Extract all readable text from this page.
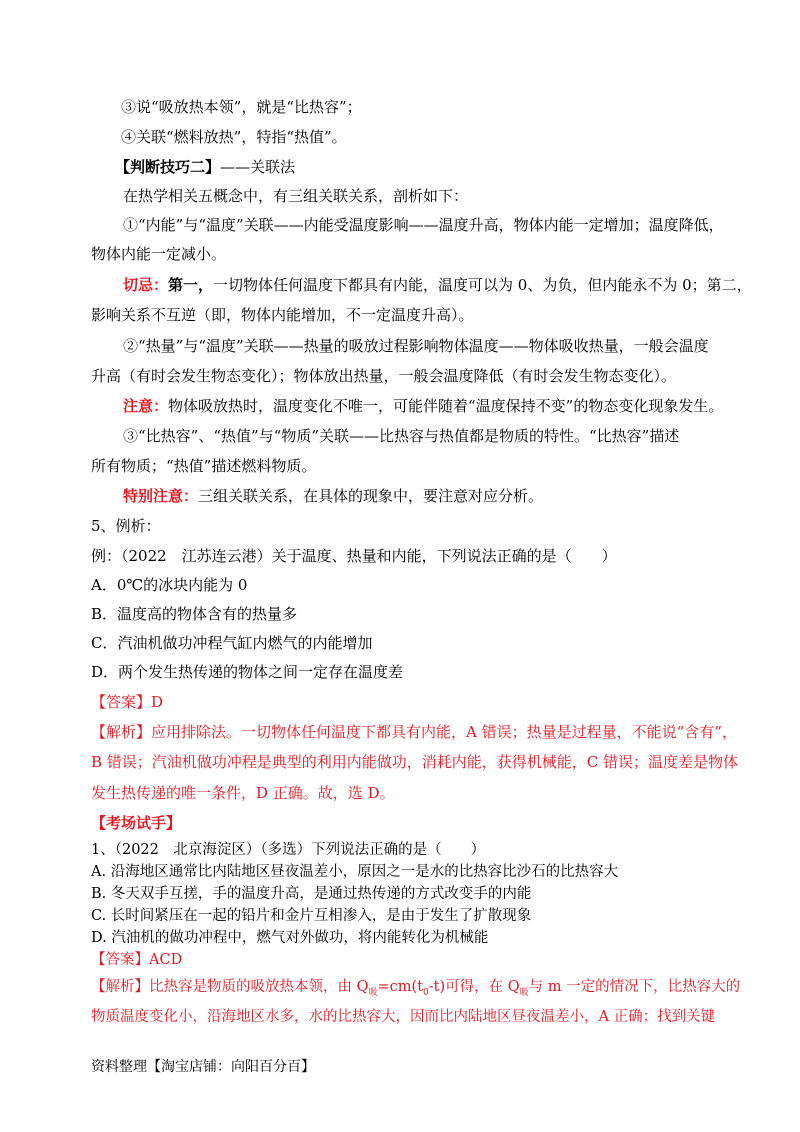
③说“吸放热本领”，就是“比热容”；
④关联“燃料放热”，特指“热值”。
【判断技巧二】——关联法
在热学相关五概念中，有三组关联关系，剖析如下：
①“内能”与“温度”关联——内能受温度影响——温度升高，物体内能一定增加；温度降低，
物体内能一定减小。
切忌：第一，一切物体任何温度下都具有内能，温度可以为 0、为负，但内能永不为 0；第二，
影响关系不互逆（即，物体内能增加，不一定温度升高）。
②“热量”与“温度”关联——热量的吸放过程影响物体温度——物体吸收热量，一般会温度
升高（有时会发生物态变化）；物体放出热量，一般会温度降低（有时会发生物态变化）。
注意：物体吸放热时，温度变化不唯一，可能伴随着“温度保持不变”的物态变化现象发生。
③“比热容”、“热值”与“物质”关联——比热容与热值都是物质的特性。“比热容”描述
所有物质；“热值”描述燃料物质。
特别注意：三组关联关系，在具体的现象中，要注意对应分析。
5、例析：
例：（2022　江苏连云港）关于温度、热量和内能，下列说法正确的是（　　）
A．0℃的冰块内能为 0
B．温度高的物体含有的热量多
C．汽油机做功冲程气缸内燃气的内能增加
D．两个发生热传递的物体之间一定存在温度差
【答案】D
【解析】应用排除法。一切物体任何温度下都具有内能，A 错误；热量是过程量，不能说“含有”，
B 错误；汽油机做功冲程是典型的利用内能做功，消耗内能，获得机械能，C 错误；温度差是物体
发生热传递的唯一条件，D 正确。故，选 D。
【考场试手】
1、（2022　北京海淀区）（多选）下列说法正确的是（　　）
A. 沿海地区通常比内陆地区昼夜温差小，原因之一是水的比热容比沙石的比热容大
B. 冬天双手互搓，手的温度升高，是通过热传递的方式改变手的内能
C. 长时间紧压在一起的铅片和金片互相渗入，是由于发生了扩散现象
D. 汽油机的做功冲程中，燃气对外做功，将内能转化为机械能
【答案】ACD
【解析】比热容是物质的吸放热本领，由 $Q_吸=cm(t_0-t)$可得，在 $Q_吸$与 m 一定的情况下，比热容大的
物质温度变化小，沿海地区水多，水的比热容大，因而比内陆地区昼夜温差小，A 正确；找到关键
资料整理【淘宝店铺：向阳百分百】
